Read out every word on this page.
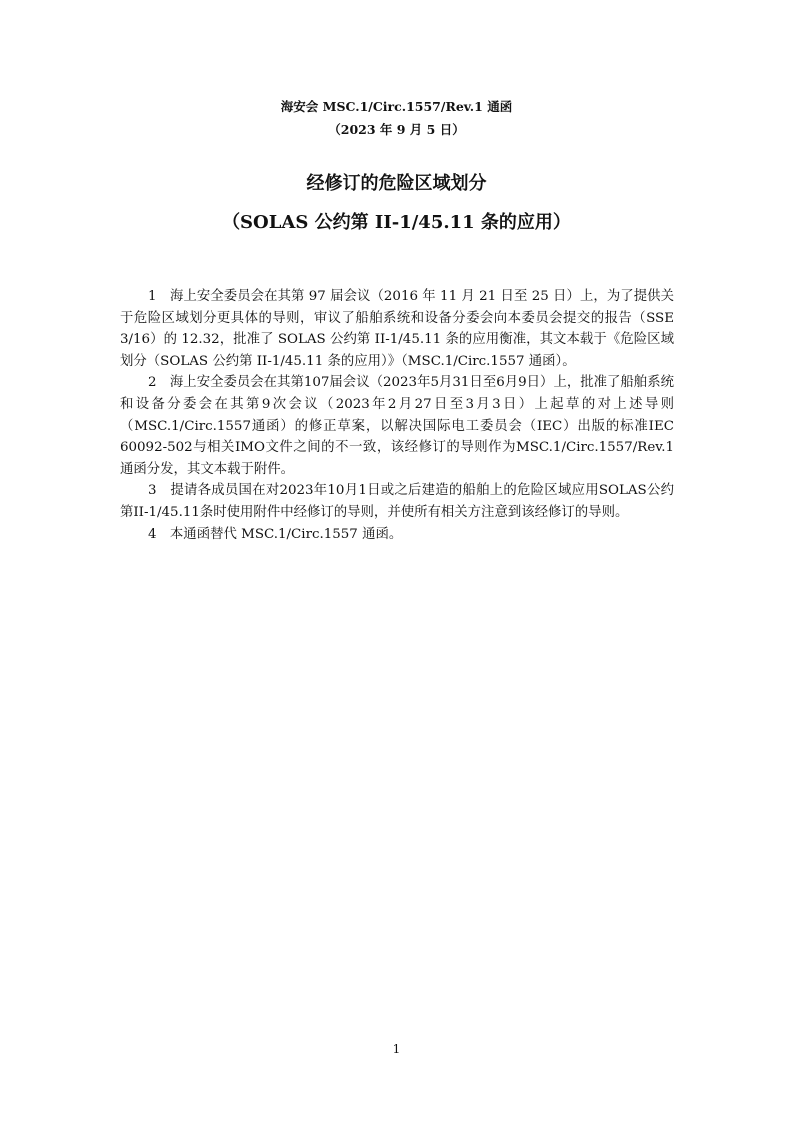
海安会 MSC.1/Circ.1557/Rev.1 通函
（2023 年 9 月 5 日）
经修订的危险区域划分
（SOLAS 公约第 II-1/45.11 条的应用）

1　海上安全委员会在其第 97 届会议（2016 年 11 月 21 日至 25 日）上，为了提供关于危险区域划分更具体的导则，审议了船舶系统和设备分委会向本委员会提交的报告（SSE 3/16）的 12.32，批准了 SOLAS 公约第 II-1/45.11 条的应用衡准，其文本载于《危险区域划分（SOLAS 公约第 II-1/45.11 条的应用）》（MSC.1/Circ.1557 通函）。

2　海上安全委员会在其第107届会议（2023年5月31日至6月9日）上，批准了船舶系统和设备分委会在其第9次会议（2023年2月27日至3月3日）上起草的对上述导则（MSC.1/Circ.1557通函）的修正草案，以解决国际电工委员会（IEC）出版的标准IEC 60092-502与相关IMO文件之间的不一致，该经修订的导则作为MSC.1/Circ.1557/Rev.1通函分发，其文本载于附件。

3　提请各成员国在对2023年10月1日或之后建造的船舶上的危险区域应用SOLAS公约第II-1/45.11条时使用附件中经修订的导则，并使所有相关方注意到该经修订的导则。

4　本通函替代 MSC.1/Circ.1557 通函。

1
